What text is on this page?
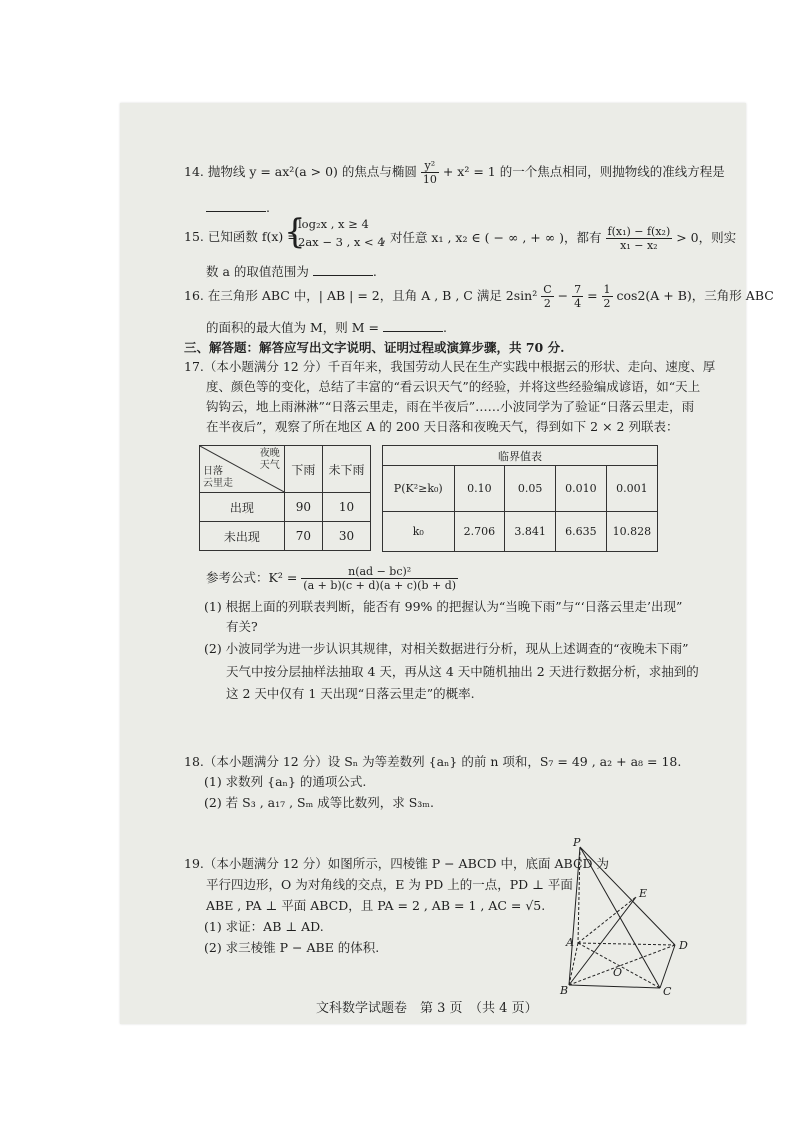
14. 抛物线 y = ax²(a > 0) 的焦点与椭圆 $\frac{\text{y²}}{10} + x^2 = 1$ 的一个焦点相同，则抛物线的准线方程是
.
15. 已知函数 f(x) =
{
log₂x , x ≥ 4
2ax − 3 , x < 4
, 对任意 x₁ , x₂ ∈ ( − ∞ , + ∞ )，都有 $\frac{\text{f(x₁) − f(x₂)}}{\text{x₁ − x₂}} > 0$，则实
数 a 的取值范围为	.
16. 在三角形 ABC 中，| AB | = 2，且角 A , B , C 满足 $2\sin^2 \frac{C}{2} - \frac{7}{4} = \frac{1}{2} \cos 2(A + B)$，三角形 ABC
的面积的最大值为 M，则 M =	.
三、解答题：解答应写出文字说明、证明过程或演算步骤，共 70 分.
17.（本小题满分 12 分）千百年来，我国劳动人民在生产实践中根据云的形状、走向、速度、厚
度、颜色等的变化，总结了丰富的“看云识天气”的经验，并将这些经验编成谚语，如“天上
钩钩云，地上雨淋淋”“日落云里走，雨在半夜后”……小波同学为了验证“日落云里走，雨
在半夜后”，观察了所在地区 A 的 200 天日落和夜晚天气，得到如下 2 × 2 列联表：
夜晚
天气
日落
云里走	下雨	未下雨
出现	90	10
未出现	70	30
临界值表				
P(K²≥k₀)	0.10	0.05	0.010	0.001
k₀	2.706	3.841	6.635	10.828
参考公式：$K^2 = \frac{\text{n(ad − bc)²}}{(a + b)(c + d)(a + c)(b + d)}$
(1) 根据上面的列联表判断，能否有 99% 的把握认为“当晚下雨”与“‘日落云里走’出现”
有关?
(2) 小波同学为进一步认识其规律，对相关数据进行分析，现从上述调查的“夜晚未下雨”
天气中按分层抽样法抽取 4 天，再从这 4 天中随机抽出 2 天进行数据分析，求抽到的
这 2 天中仅有 1 天出现“日落云里走”的概率.
18.（本小题满分 12 分）设 Sₙ 为等差数列 {aₙ} 的前 n 项和，S₇ = 49 , a₂ + a₈ = 18.
(1) 求数列 {aₙ} 的通项公式.
(2) 若 S₃ , a₁₇ , Sₘ 成等比数列，求 S₃ₘ.
19.（本小题满分 12 分）如图所示，四棱锥 P − ABCD 中，底面 ABCD 为
平行四边形，O 为对角线的交点，E 为 PD 上的一点，PD ⊥ 平面
ABE , PA ⊥ 平面 ABCD，且 PA = 2 , AB = 1 , AC = √5.
(1) 求证：AB ⊥ AD.
(2) 求三棱锥 P − ABE 的体积.
P
E
A	D
O
B	C
文科数学试题卷　第 3 页　（共 4 页）
